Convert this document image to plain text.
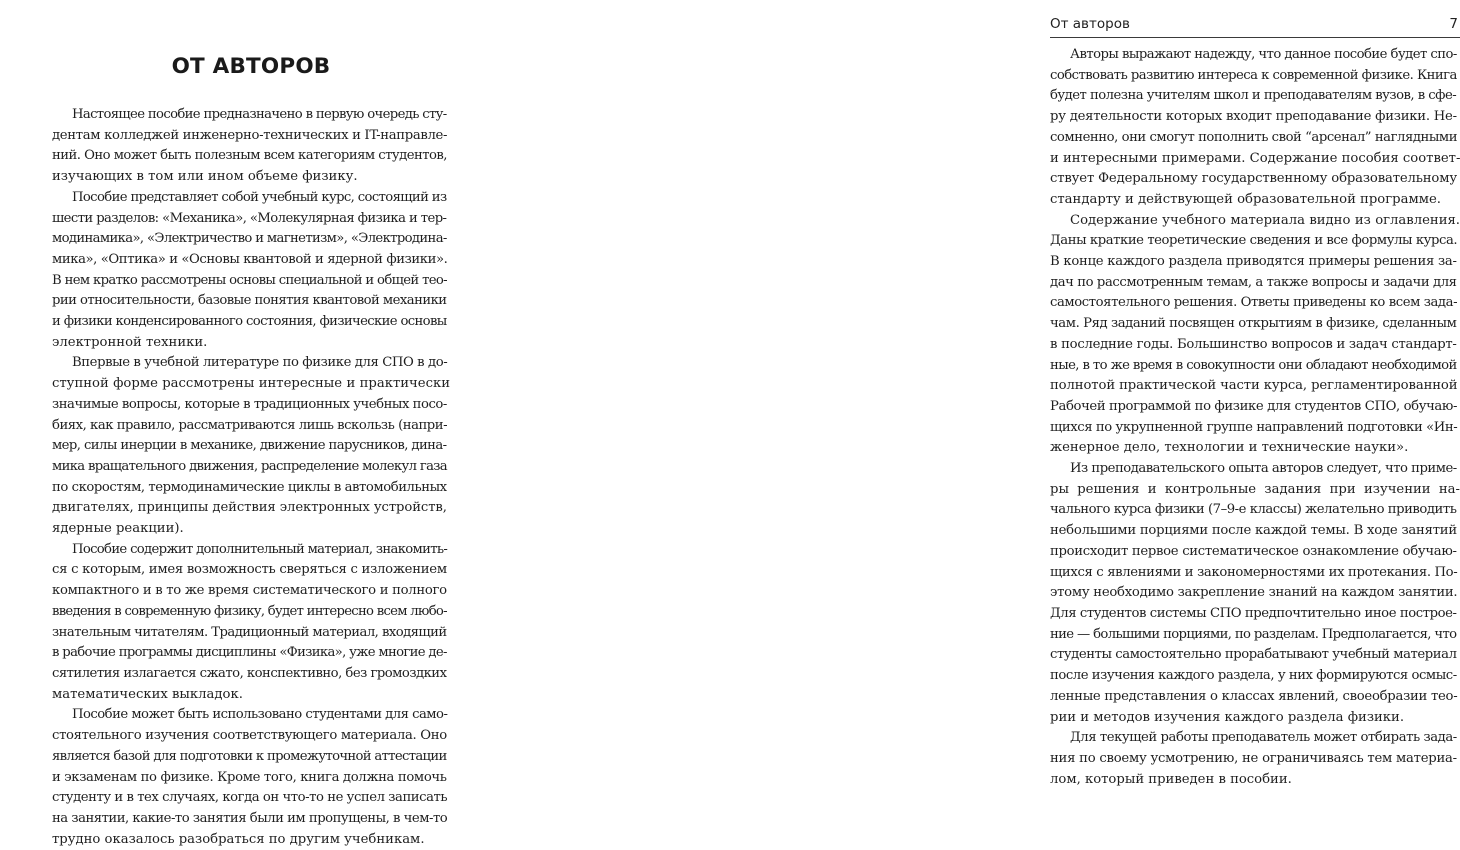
ОТ АВТОРОВ
Настоящее пособие предназначено в первую очередь сту-
дентам колледжей инженерно-технических и IT-направле-
ний. Оно может быть полезным всем категориям студентов,
изучающих в том или ином объеме физику.
Пособие представляет собой учебный курс, состоящий из
шести разделов: «Механика», «Молекулярная физика и тер-
модинамика», «Электричество и магнетизм», «Электродина-
мика», «Оптика» и «Основы квантовой и ядерной физики».
В нем кратко рассмотрены основы специальной и общей тео-
рии относительности, базовые понятия квантовой механики
и физики конденсированного состояния, физические основы
электронной техники.
Впервые в учебной литературе по физике для СПО в до-
ступной форме рассмотрены интересные и практически
значимые вопросы, которые в традиционных учебных посо-
биях, как правило, рассматриваются лишь вскользь (напри-
мер, силы инерции в механике, движение парусников, дина-
мика вращательного движения, распределение молекул газа
по скоростям, термодинамические циклы в автомобильных
двигателях, принципы действия электронных устройств,
ядерные реакции).
Пособие содержит дополнительный материал, знакомить-
ся с которым, имея возможность сверяться с изложением
компактного и в то же время систематического и полного
введения в современную физику, будет интересно всем любо-
знательным читателям. Традиционный материал, входящий
в рабочие программы дисциплины «Физика», уже многие де-
сятилетия излагается сжато, конспективно, без громоздких
математических выкладок.
Пособие может быть использовано студентами для само-
стоятельного изучения соответствующего материала. Оно
является базой для подготовки к промежуточной аттестации
и экзаменам по физике. Кроме того, книга должна помочь
студенту и в тех случаях, когда он что-то не успел записать
на занятии, какие-то занятия были им пропущены, в чем-то
трудно оказалось разобраться по другим учебникам.
От авторов	7
Авторы выражают надежду, что данное пособие будет спо-
собствовать развитию интереса к современной физике. Книга
будет полезна учителям школ и преподавателям вузов, в сфе-
ру деятельности которых входит преподавание физики. Не-
сомненно, они смогут пополнить свой “арсенал” наглядными
и интересными примерами. Содержание пособия соответ-
ствует Федеральному государственному образовательному
стандарту и действующей образовательной программе.
Содержание учебного материала видно из оглавления.
Даны краткие теоретические сведения и все формулы курса.
В конце каждого раздела приводятся примеры решения за-
дач по рассмотренным темам, а также вопросы и задачи для
самостоятельного решения. Ответы приведены ко всем зада-
чам. Ряд заданий посвящен открытиям в физике, сделанным
в последние годы. Большинство вопросов и задач стандарт-
ные, в то же время в совокупности они обладают необходимой
полнотой практической части курса, регламентированной
Рабочей программой по физике для студентов СПО, обучаю-
щихся по укрупненной группе направлений подготовки «Ин-
женерное дело, технологии и технические науки».
Из преподавательского опыта авторов следует, что приме-
ры решения и контрольные задания при изучении на-
чального курса физики (7–9-е классы) желательно приводить
небольшими порциями после каждой темы. В ходе занятий
происходит первое систематическое ознакомление обучаю-
щихся с явлениями и закономерностями их протекания. По-
этому необходимо закрепление знаний на каждом занятии.
Для студентов системы СПО предпочтительно иное построе-
ние — большими порциями, по разделам. Предполагается, что
студенты самостоятельно прорабатывают учебный материал
после изучения каждого раздела, у них формируются осмыс-
ленные представления о классах явлений, своеобразии тео-
рии и методов изучения каждого раздела физики.
Для текущей работы преподаватель может отбирать зада-
ния по своему усмотрению, не ограничиваясь тем материа-
лом, который приведен в пособии.
